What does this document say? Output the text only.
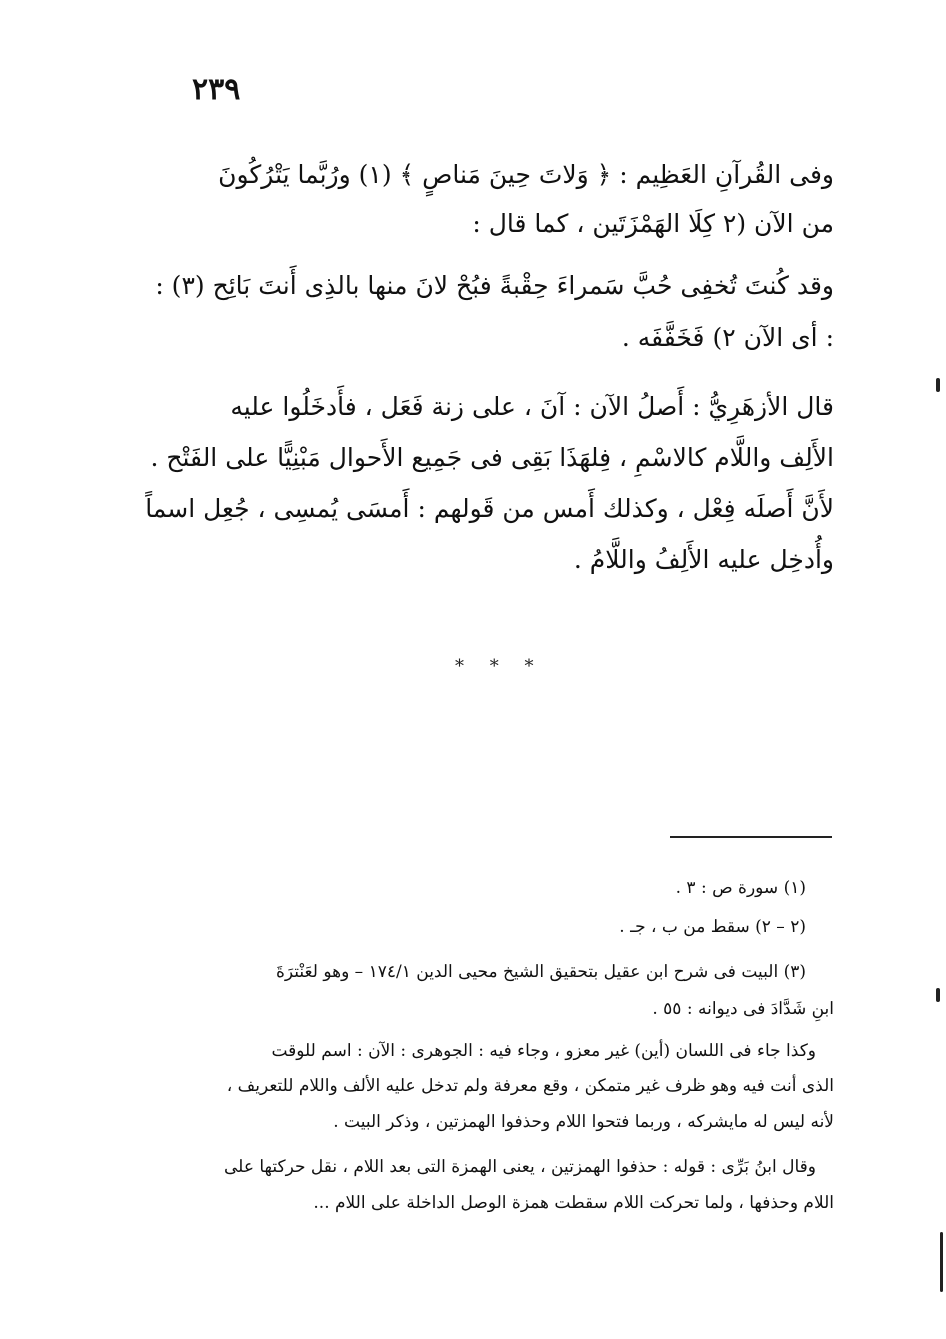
٢٣٩
وفى القُرآنِ العَظِيم : ﴿ وَلاتَ حِينَ مَناصٍ ﴾ (١) ورُبَّما يَتْرُكُونَ
من الآن (٢ كِلَا الهَمْزَتَين ، كما قال :
وقد كُنتَ تُخفِى حُبَّ سَمراءَ حِقْبةً فبُحْ لانَ منها بالذِى أَنتَ بَائِح (٣) :
: أى الآن ٢) فَخَفَّفَه .
قال الأزهَرِيُّ : أَصلُ الآن : آنَ ، على زنة فَعَل ، فأَدخَلُوا عليه
الأَلِف واللَّام كالاسْمِ ، فِلهَذَا بَقِى فى جَمِيع الأَحوال مَبْنِيًّا على الفَتْح .
لأَنَّ أَصلَه فِعْل ، وكذلك أَمس من قَولهم : أَمسَى يُمسِى ، جُعِل اسماً
وأُدخِل عليه الأَلِفُ واللَّامُ .
* * *
(١) سورة ص : ٣ .
(٢ – ٢) سقط من ب ، جـ .
(٣) البيت فى شرح ابن عقيل بتحقيق الشيخ محيى الدين ١٧٤/١ – وهو لعَنْترَةَ
ابنِ شَدَّادَ فى ديوانه : ٥٥ .
وكذا جاء فى اللسان (أين) غير معزو ، وجاء فيه : الجوهرى : الآن : اسم للوقت
الذى أنت فيه وهو ظرف غير متمكن ، وقع معرفة ولم تدخل عليه الألف واللام للتعريف ،
لأنه ليس له مايشركه ، وربما فتحوا اللام وحذفوا الهمزتين ، وذكر البيت .
وقال ابنُ بَرِّى : قوله : حذفوا الهمزتين ، يعنى الهمزة التى بعد اللام ، نقل حركتها على
اللام وحذفها ، ولما تحركت اللام سقطت همزة الوصل الداخلة على اللام ...
